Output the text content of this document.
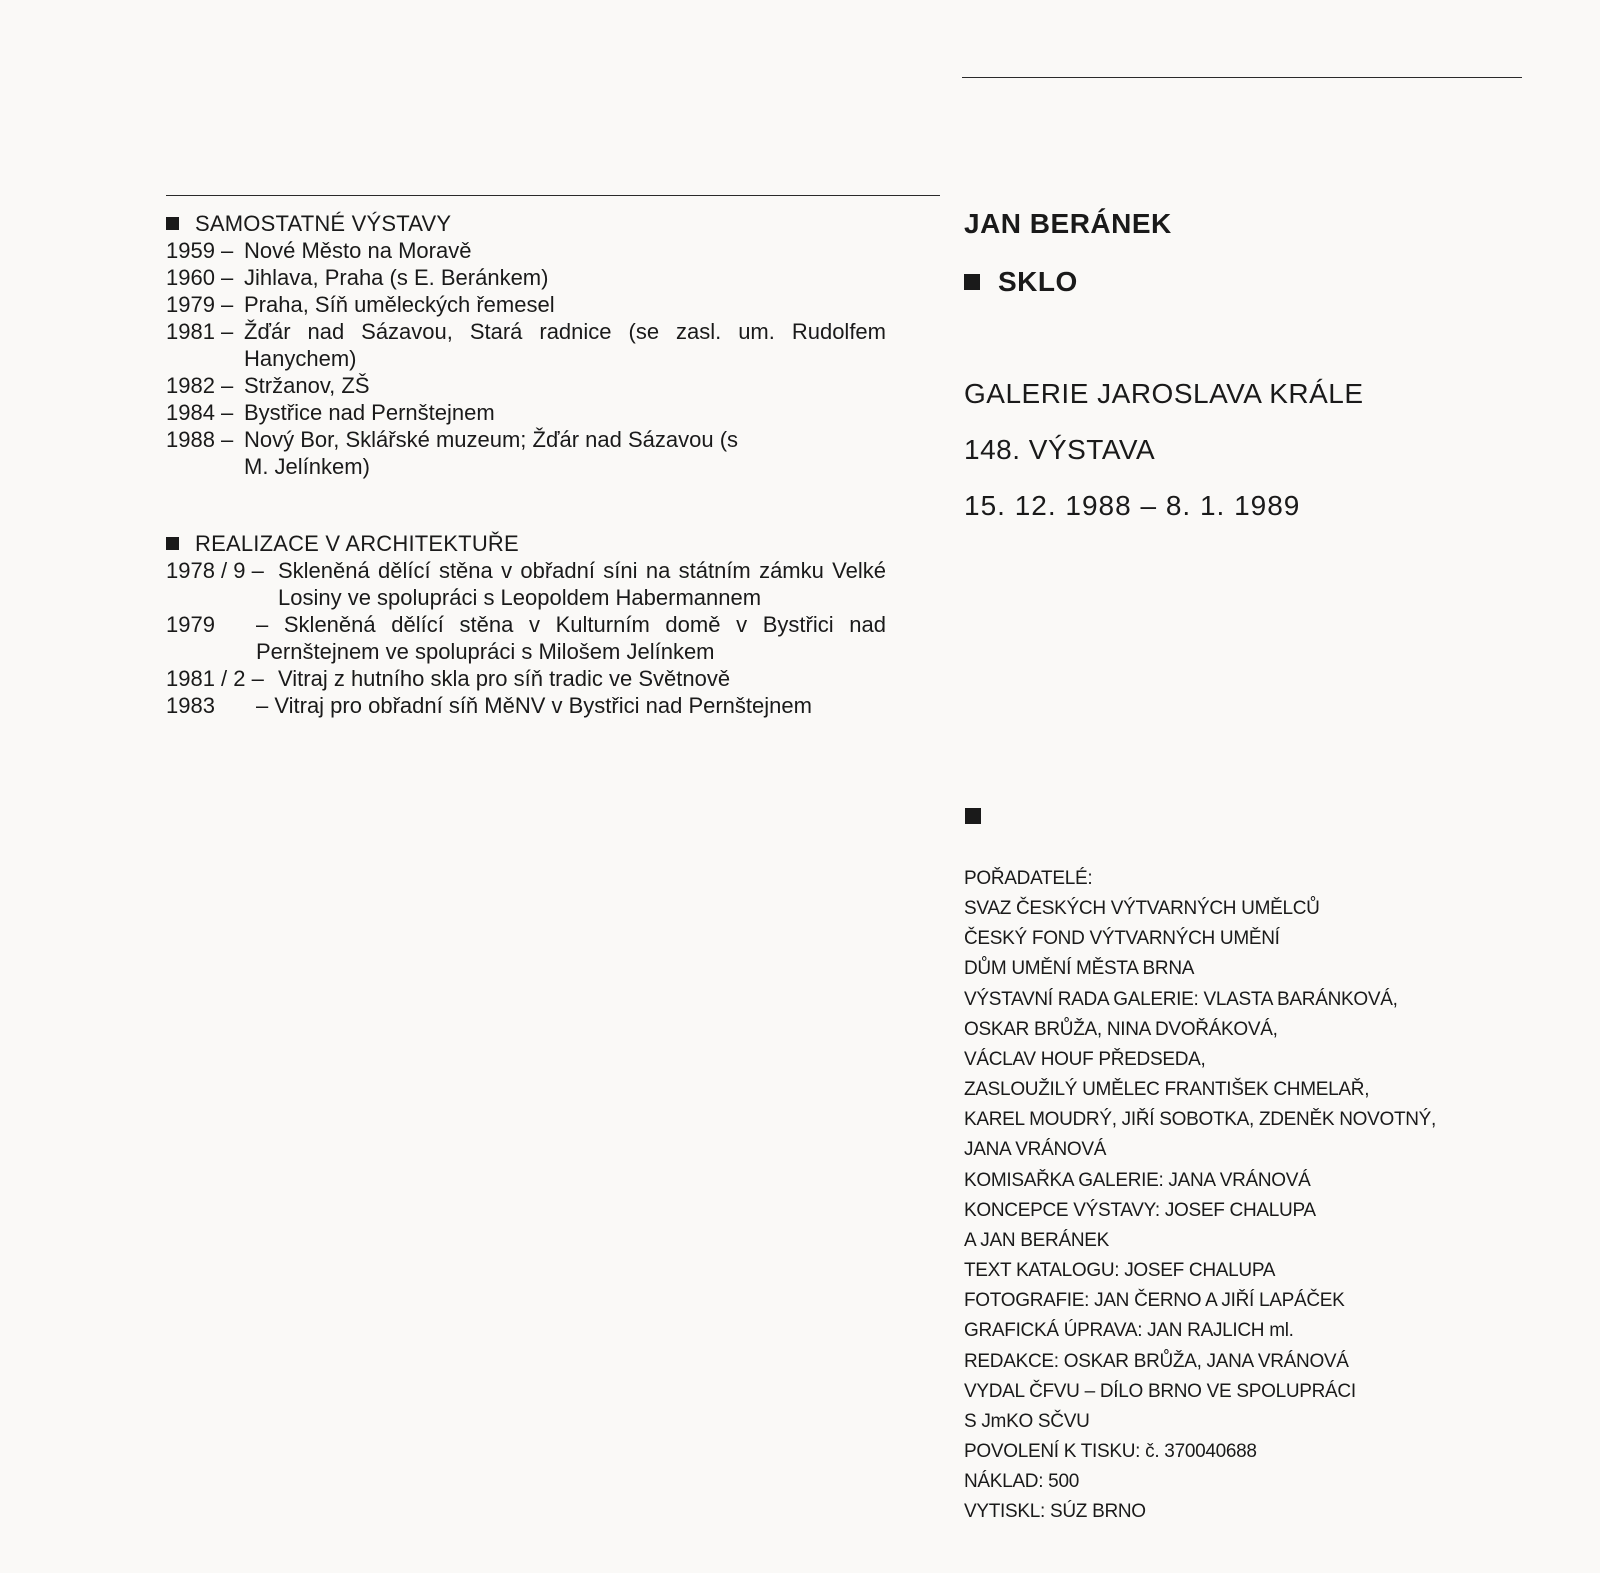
SAMOSTATNÉ VÝSTAVY
1959 – Nové Město na Moravě
1960 – Jihlava, Praha (s E. Beránkem)
1979 – Praha, Síň uměleckých řemesel
1981 – Žďár nad Sázavou, Stará radnice (se zasl. um. Rudolfem Hanychem)
1982 – Stržanov, ZŠ
1984 – Bystřice nad Pernštejnem
1988 – Nový Bor, Sklářské muzeum; Žďár nad Sázavou (s M. Jelínkem)
REALIZACE V ARCHITEKTUŘE
1978 / 9 – Skleněná dělící stěna v obřadní síni na státním zámku Velké Losiny ve spolupráci s Leopoldem Habermannem
1979	– Skleněná dělící stěna v Kulturním domě v Bystřici nad Pernštejnem ve spolupráci s Milošem Jelínkem
1981 / 2 – Vitraj z hutního skla pro síň tradic ve Světnově
1983	– Vitraj pro obřadní síň MěNV v Bystřici nad Pernštejnem
JAN BERÁNEK
SKLO
GALERIE JAROSLAVA KRÁLE
148. VÝSTAVA
15. 12. 1988 – 8. 1. 1989
POŘADATELÉ:
SVAZ ČESKÝCH VÝTVARNÝCH UMĚLCŮ
ČESKÝ FOND VÝTVARNÝCH UMĚNÍ
DŮM UMĚNÍ MĚSTA BRNA
VÝSTAVNÍ RADA GALERIE: VLASTA BARÁNKOVÁ,
OSKAR BRŮŽA, NINA DVOŘÁKOVÁ,
VÁCLAV HOUF PŘEDSEDA,
ZASLOUŽILÝ UMĚLEC FRANTIŠEK CHMELAŘ,
KAREL MOUDRÝ, JIŘÍ SOBOTKA, ZDENĚK NOVOTNÝ,
JANA VRÁNOVÁ
KOMISAŘKA GALERIE: JANA VRÁNOVÁ
KONCEPCE VÝSTAVY: JOSEF CHALUPA
A JAN BERÁNEK
TEXT KATALOGU: JOSEF CHALUPA
FOTOGRAFIE: JAN ČERNO A JIŘÍ LAPÁČEK
GRAFICKÁ ÚPRAVA: JAN RAJLICH ml.
REDAKCE: OSKAR BRŮŽA, JANA VRÁNOVÁ
VYDAL ČFVU – DÍLO BRNO VE SPOLUPRÁCI
S JmKO SČVU
POVOLENÍ K TISKU: č. 370040688
NÁKLAD: 500
VYTISKL: SÚZ BRNO
